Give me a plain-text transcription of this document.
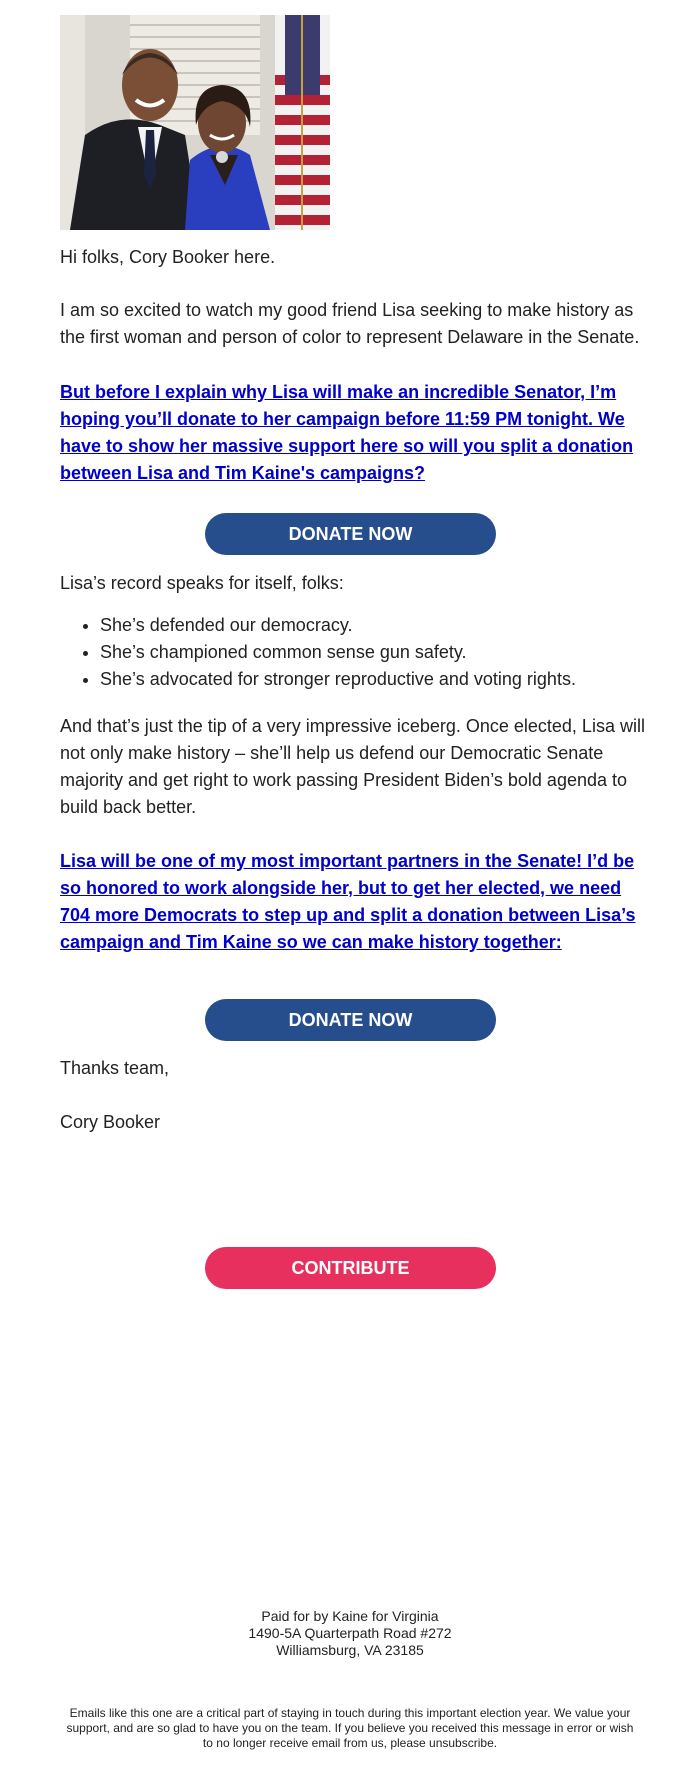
Hi folks, Cory Booker here.

I am so excited to watch my good friend Lisa seeking to make history as the first woman and person of color to represent Delaware in the Senate.

But before I explain why Lisa will make an incredible Senator, I’m hoping you’ll donate to her campaign before 11:59 PM tonight. We have to show her massive support here so will you split a donation between Lisa and Tim Kaine's campaigns?

DONATE NOW

Lisa’s record speaks for itself, folks:

• She’s defended our democracy.
• She’s championed common sense gun safety.
• She’s advocated for stronger reproductive and voting rights.

And that’s just the tip of a very impressive iceberg. Once elected, Lisa will not only make history – she’ll help us defend our Democratic Senate majority and get right to work passing President Biden’s bold agenda to build back better.

Lisa will be one of my most important partners in the Senate! I’d be so honored to work alongside her, but to get her elected, we need 704 more Democrats to step up and split a donation between Lisa’s campaign and Tim Kaine so we can make history together:

DONATE NOW

Thanks team,

Cory Booker

CONTRIBUTE
Paid for by Kaine for Virginia
1490-5A Quarterpath Road #272
Williamsburg, VA 23185
Emails like this one are a critical part of staying in touch during this important election year. We value your support, and are so glad to have you on the team. If you believe you received this message in error or wish to no longer receive email from us, please unsubscribe.
